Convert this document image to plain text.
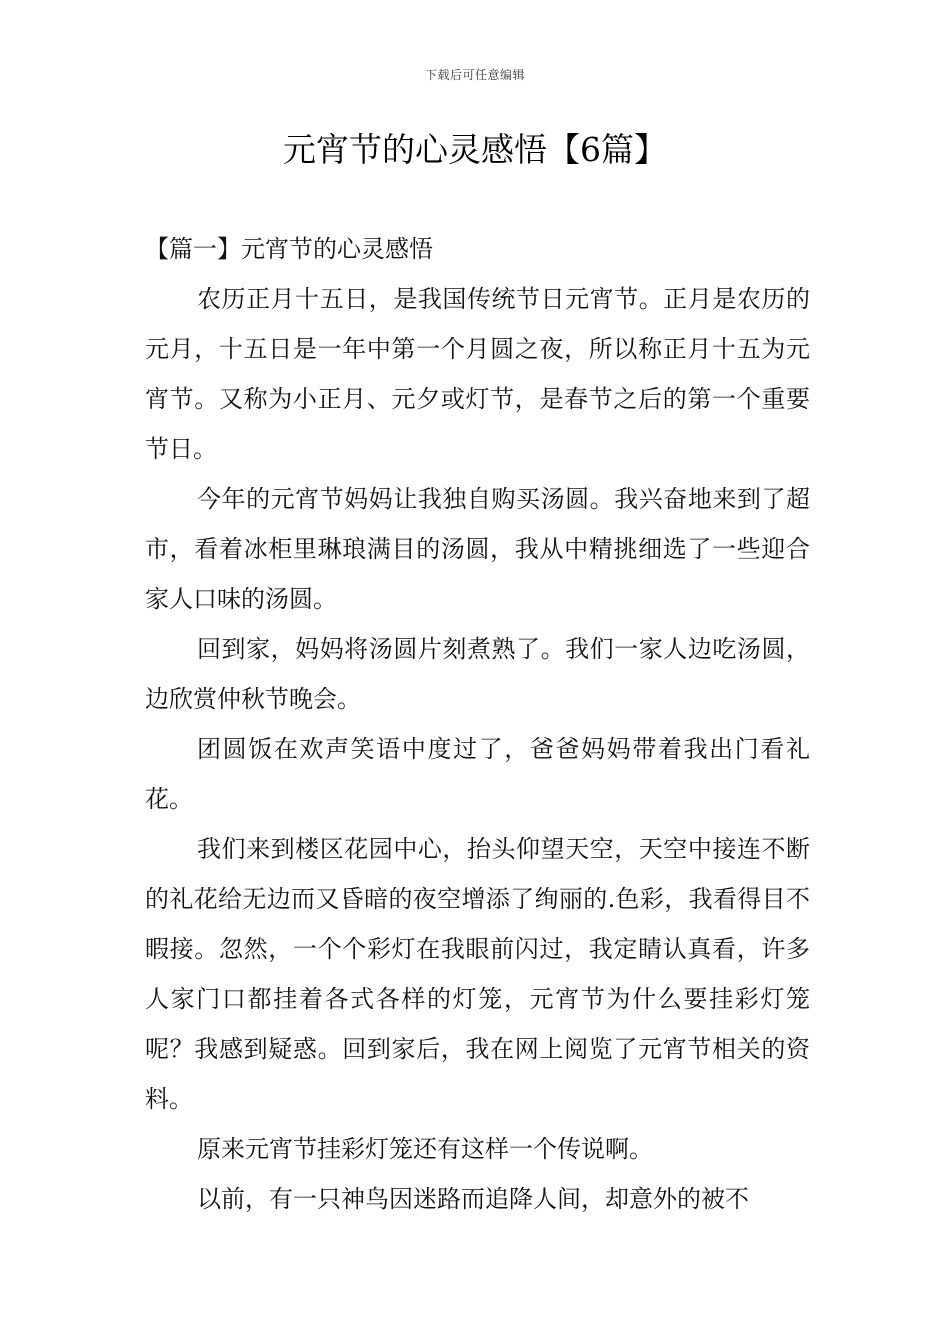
下载后可任意编辑
元宵节的心灵感悟【6篇】

【篇一】元宵节的心灵感悟

农历正月十五日，是我国传统节日元宵节。正月是农历的元月，十五日是一年中第一个月圆之夜，所以称正月十五为元宵节。又称为小正月、元夕或灯节，是春节之后的第一个重要节日。

今年的元宵节妈妈让我独自购买汤圆。我兴奋地来到了超市，看着冰柜里琳琅满目的汤圆，我从中精挑细选了一些迎合家人口味的汤圆。

回到家，妈妈将汤圆片刻煮熟了。我们一家人边吃汤圆，边欣赏仲秋节晚会。

团圆饭在欢声笑语中度过了，爸爸妈妈带着我出门看礼花。

我们来到楼区花园中心，抬头仰望天空，天空中接连不断的礼花给无边而又昏暗的夜空增添了绚丽的.色彩，我看得目不暇接。忽然，一个个彩灯在我眼前闪过，我定睛认真看，许多人家门口都挂着各式各样的灯笼，元宵节为什么要挂彩灯笼呢？我感到疑惑。回到家后，我在网上阅览了元宵节相关的资料。

原来元宵节挂彩灯笼还有这样一个传说啊。

以前，有一只神鸟因迷路而追降人间，却意外的被不
